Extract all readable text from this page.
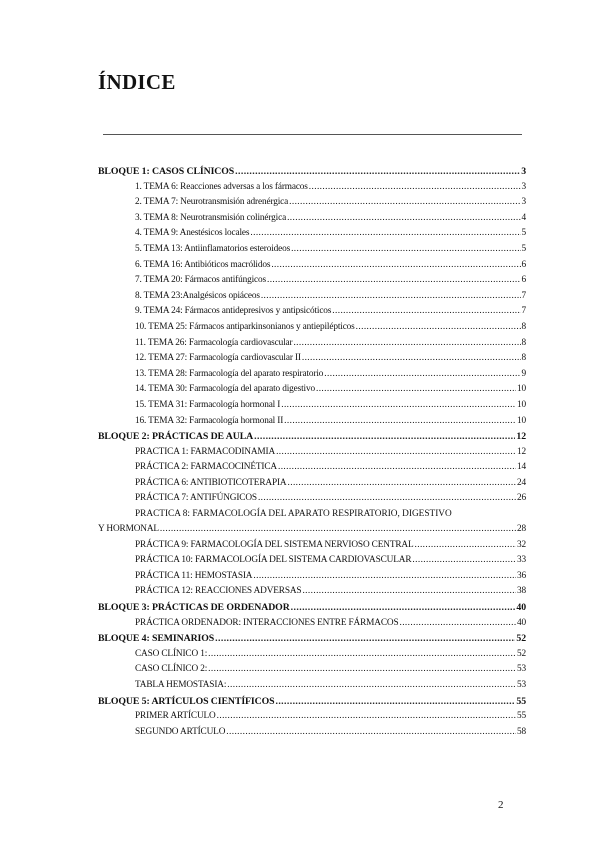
ÍNDICE
BLOQUE 1: CASOS CLÍNICOS .....	3
1. TEMA 6: Reacciones adversas a los fármacos .....	3
2. TEMA 7: Neurotransmisión adrenérgica .....	3
3. TEMA 8: Neurotransmisión colinérgica .....	4
4. TEMA 9: Anestésicos locales .....	5
5. TEMA 13: Antiinflamatorios esteroideos .....	5
6. TEMA 16: Antibióticos macrólidos .....	6
7. TEMA 20: Fármacos antifúngicos .....	6
8. TEMA 23:Analgésicos opiáceos .....	7
9. TEMA 24: Fármacos antidepresivos y antipsicóticos .....	7
10. TEMA 25: Fármacos antiparkinsonianos y antiepilépticos .....	8
11. TEMA 26: Farmacología cardiovascular .....	8
12. TEMA 27: Farmacología cardiovascular II .....	8
13. TEMA 28: Farmacología del aparato respiratorio .....	9
14. TEMA 30: Farmacología del aparato digestivo .....	10
15. TEMA 31: Farmacología hormonal I .....	10
16. TEMA 32: Farmacología hormonal II .....	10
BLOQUE 2: PRÁCTICAS DE AULA .....	12
PRACTICA 1: FARMACODINAMIA .....	12
PRÁCTICA 2: FARMACOCINÉTICA .....	14
PRÁCTICA 6: ANTIBIOTICOTERAPIA .....	24
PRÁCTICA 7: ANTIFÚNGICOS .....	26
PRACTICA 8: FARMACOLOGÍA DEL APARATO RESPIRATORIO, DIGESTIVO
Y HORMONAL .....	28
PRÁCTICA 9: FARMACOLOGÍA DEL SISTEMA NERVIOSO CENTRAL .....	32
PRÁCTICA 10: FARMACOLOGÍA DEL SISTEMA CARDIOVASCULAR .....	33
PRÁCTICA 11: HEMOSTASIA .....	36
PRÁCTICA 12: REACCIONES ADVERSAS .....	38
BLOQUE 3: PRÁCTICAS DE ORDENADOR .....	40
PRÁCTICA ORDENADOR: INTERACCIONES ENTRE FÁRMACOS .....	40
BLOQUE 4: SEMINARIOS .....	52
CASO CLÍNICO 1: .....	52
CASO CLÍNICO 2: .....	53
TABLA HEMOSTASIA: .....	53
BLOQUE 5: ARTÍCULOS CIENTÍFICOS .....	55
PRIMER ARTÍCULO .....	55
SEGUNDO ARTÍCULO .....	58
2
